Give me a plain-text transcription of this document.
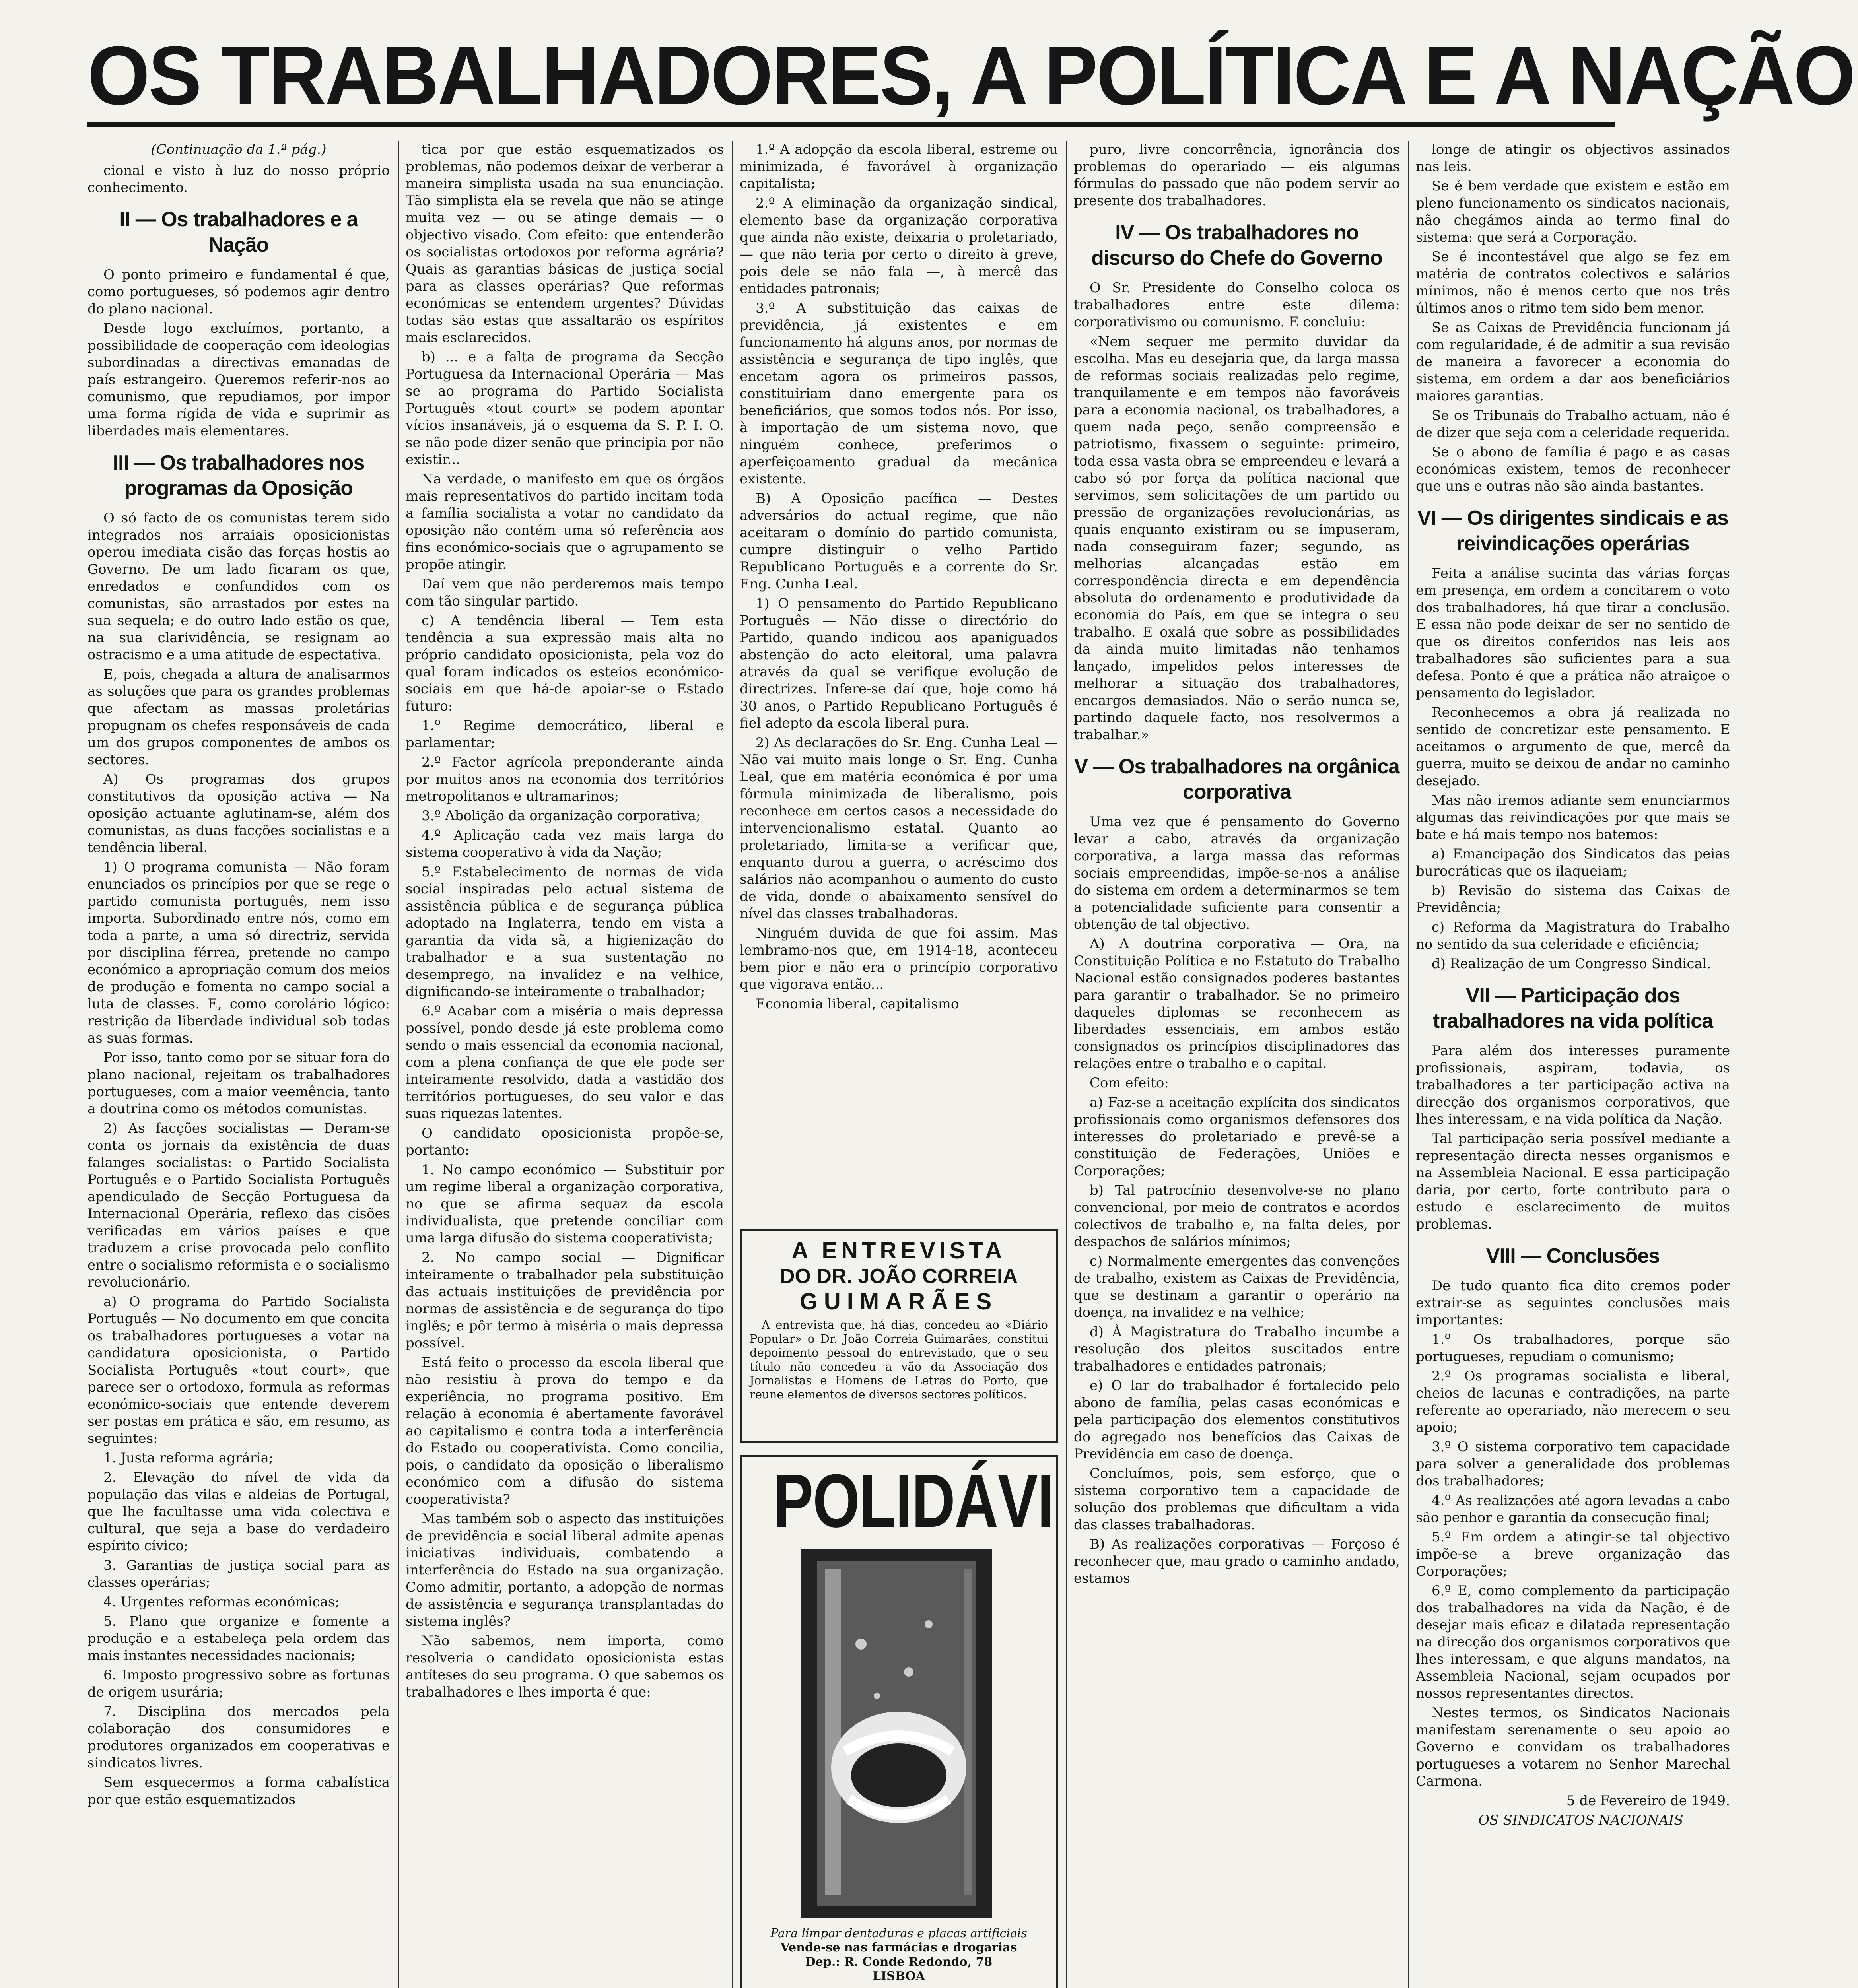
OS TRABALHADORES, A POLÍTICA E A NAÇÃO
(Continuação da 1.ª pág.)

cional e visto à luz do nosso próprio conhecimento.

II — Os trabalhadores e a Nação

O ponto primeiro e fundamental é que, como portugueses, só podemos agir dentro do plano nacional.

Desde logo excluímos, portanto, a possibilidade de cooperação com ideologias subordinadas a directivas emanadas de país estrangeiro. Queremos referir-nos ao comunismo, que repudiamos, por impor uma forma rígida de vida e suprimir as liberdades mais elementares.

III — Os trabalhadores nos programas da Oposição

O só facto de os comunistas terem sido integrados nos arraiais oposicionistas operou imediata cisão das forças hostis ao Governo. De um lado ficaram os que, enredados e confundidos com os comunistas, são arrastados por estes na sua sequela; e do outro lado estão os que, na sua clarividência, se resignam ao ostracismo e a uma atitude de espectativa.

E, pois, chegada a altura de analisarmos as soluções que para os grandes problemas que afectam as massas proletárias propugnam os chefes responsáveis de cada um dos grupos componentes de ambos os sectores.

A) Os programas dos grupos constitutivos da oposição activa — Na oposição actuante aglutinam-se, além dos comunistas, as duas facções socialistas e a tendência liberal.

1) O programa comunista — Não foram enunciados os princípios por que se rege o partido comunista português, nem isso importa. Subordinado entre nós, como em toda a parte, a uma só directriz, servida por disciplina férrea, pretende no campo económico a apropriação comum dos meios de produção e fomenta no campo social a luta de classes. E, como corolário lógico: restrição da liberdade individual sob todas as suas formas.

Por isso, tanto como por se situar fora do plano nacional, rejeitam os trabalhadores portugueses, com a maior veemência, tanto a doutrina como os métodos comunistas.

2) As facções socialistas — Deram-se conta os jornais da existência de duas falanges socialistas: o Partido Socialista Português e o Partido Socialista Português apendiculado de Secção Portuguesa da Internacional Operária, reflexo das cisões verificadas em vários países e que traduzem a crise provocada pelo conflito entre o socialismo reformista e o socialismo revolucionário.

a) O programa do Partido Socialista Português — No documento em que concita os trabalhadores portugueses a votar na candidatura oposicionista, o Partido Socialista Português «tout court», que parece ser o ortodoxo, formula as reformas económico-sociais que entende deverem ser postas em prática e são, em resumo, as seguintes:

1. Justa reforma agrária;

2. Elevação do nível de vida da população das vilas e aldeias de Portugal, que lhe facultasse uma vida colectiva e cultural, que seja a base do verdadeiro espírito cívico;

3. Garantias de justiça social para as classes operárias;

4. Urgentes reformas económicas;

5. Plano que organize e fomente a produção e a estabeleça pela ordem das mais instantes necessidades nacionais;

6. Imposto progressivo sobre as fortunas de origem usurária;

7. Disciplina dos mercados pela colaboração dos consumidores e produtores organizados em cooperativas e sindicatos livres.

Sem esquecermos a forma cabalística por que estão esquematizados

tica por que estão esquematizados os problemas, não podemos deixar de verberar a maneira simplista usada na sua enunciação. Tão simplista ela se revela que não se atinge muita vez — ou se atinge demais — o objectivo visado. Com efeito: que entenderão os socialistas ortodoxos por reforma agrária? Quais as garantias básicas de justiça social para as classes operárias? Que reformas económicas se entendem urgentes? Dúvidas todas são estas que assaltarão os espíritos mais esclarecidos.

b) ... e a falta de programa da Secção Portuguesa da Internacional Operária — Mas se ao programa do Partido Socialista Português «tout court» se podem apontar vícios insanáveis, já o esquema da S. P. I. O. se não pode dizer senão que principia por não existir...

Na verdade, o manifesto em que os órgãos mais representativos do partido incitam toda a família socialista a votar no candidato da oposição não contém uma só referência aos fins económico-sociais que o agrupamento se propõe atingir.

Daí vem que não perderemos mais tempo com tão singular partido.

c) A tendência liberal — Tem esta tendência a sua expressão mais alta no próprio candidato oposicionista, pela voz do qual foram indicados os esteios económico-sociais em que há-de apoiar-se o Estado futuro:

1.º Regime democrático, liberal e parlamentar;

2.º Factor agrícola preponderante ainda por muitos anos na economia dos territórios metropolitanos e ultramarinos;

3.º Abolição da organização corporativa;

4.º Aplicação cada vez mais larga do sistema cooperativo à vida da Nação;

5.º Estabelecimento de normas de vida social inspiradas pelo actual sistema de assistência pública e de segurança pública adoptado na Inglaterra, tendo em vista a garantia da vida sã, a higienização do trabalhador e a sua sustentação no desemprego, na invalidez e na velhice, dignificando-se inteiramente o trabalhador;

6.º Acabar com a miséria o mais depressa possível, pondo desde já este problema como sendo o mais essencial da economia nacional, com a plena confiança de que ele pode ser inteiramente resolvido, dada a vastidão dos territórios portugueses, do seu valor e das suas riquezas latentes.

O candidato oposicionista propõe-se, portanto:

1. No campo económico — Substituir por um regime liberal a organização corporativa, no que se afirma sequaz da escola individualista, que pretende conciliar com uma larga difusão do sistema cooperativista;

2. No campo social — Dignificar inteiramente o trabalhador pela substituição das actuais instituições de previdência por normas de assistência e de segurança do tipo inglês; e pôr termo à miséria o mais depressa possível.

Está feito o processo da escola liberal que não resistiu à prova do tempo e da experiência, no programa positivo. Em relação à economia é abertamente favorável ao capitalismo e contra toda a interferência do Estado ou cooperativista. Como concilia, pois, o candidato da oposição o liberalismo económico com a difusão do sistema cooperativista?

Mas também sob o aspecto das instituições de previdência e social liberal admite apenas iniciativas individuais, combatendo a interferência do Estado na sua organização. Como admitir, portanto, a adopção de normas de assistência e segurança transplantadas do sistema inglês?

Não sabemos, nem importa, como resolveria o candidato oposicionista estas antíteses do seu programa. O que sabemos os trabalhadores e lhes importa é que:

1.º A adopção da escola liberal, estreme ou minimizada, é favorável à organização capitalista;

2.º A eliminação da organização sindical, elemento base da organização corporativa que ainda não existe, deixaria o proletariado, — que não teria por certo o direito à greve, pois dele se não fala —, à mercê das entidades patronais;

3.º A substituição das caixas de previdência, já existentes e em funcionamento há alguns anos, por normas de assistência e segurança de tipo inglês, que encetam agora os primeiros passos, constituiriam dano emergente para os beneficiários, que somos todos nós. Por isso, à importação de um sistema novo, que ninguém conhece, preferimos o aperfeiçoamento gradual da mecânica existente.

B) A Oposição pacífica — Destes adversários do actual regime, que não aceitaram o domínio do partido comunista, cumpre distinguir o velho Partido Republicano Português e a corrente do Sr. Eng. Cunha Leal.

1) O pensamento do Partido Republicano Português — Não disse o directório do Partido, quando indicou aos apaniguados abstenção do acto eleitoral, uma palavra através da qual se verifique evolução de directrizes. Infere-se daí que, hoje como há 30 anos, o Partido Republicano Português é fiel adepto da escola liberal pura.

2) As declarações do Sr. Eng. Cunha Leal — Não vai muito mais longe o Sr. Eng. Cunha Leal, que em matéria económica é por uma fórmula minimizada de liberalismo, pois reconhece em certos casos a necessidade do intervencionalismo estatal. Quanto ao proletariado, limita-se a verificar que, enquanto durou a guerra, o acréscimo dos salários não acompanhou o aumento do custo de vida, donde o abaixamento sensível do nível das classes trabalhadoras.

Ninguém duvida de que foi assim. Mas lembramo-nos que, em 1914-18, aconteceu bem pior e não era o princípio corporativo que vigorava então...

Economia liberal, capitalismo

A ENTREVISTA
DO DR. JOÃO CORREIA
GUIMARÃES

A entrevista que, há dias, concedeu ao «Diário Popular» o Dr. João Correia Guimarães, constitui depoimento pessoal do entrevistado, que o seu título não concedeu a vão da Associação dos Jornalistas e Homens de Letras do Porto, que reune elementos de diversos sectores políticos.

POLIDÁVI
Para limpar dentaduras e placas artificiais
Vende-se nas farmácias e drogarias
Dep.: R. Conde Redondo, 78
LISBOA

puro, livre concorrência, ignorância dos problemas do operariado — eis algumas fórmulas do passado que não podem servir ao presente dos trabalhadores.

IV — Os trabalhadores no discurso do Chefe do Governo

O Sr. Presidente do Conselho coloca os trabalhadores entre este dilema: corporativismo ou comunismo. E concluiu:

«Nem sequer me permito duvidar da escolha. Mas eu desejaria que, da larga massa de reformas sociais realizadas pelo regime, tranquilamente e em tempos não favoráveis para a economia nacional, os trabalhadores, a quem nada peço, senão compreensão e patriotismo, fixassem o seguinte: primeiro, toda essa vasta obra se empreendeu e levará a cabo só por força da política nacional que servimos, sem solicitações de um partido ou pressão de organizações revolucionárias, as quais enquanto existiram ou se impuseram, nada conseguiram fazer; segundo, as melhorias alcançadas estão em correspondência directa e em dependência absoluta do ordenamento e produtividade da economia do País, em que se integra o seu trabalho. E oxalá que sobre as possibilidades da ainda muito limitadas não tenhamos lançado, impelidos pelos interesses de melhorar a situação dos trabalhadores, encargos demasiados. Não o serão nunca se, partindo daquele facto, nos resolvermos a trabalhar.»

V — Os trabalhadores na orgânica corporativa

Uma vez que é pensamento do Governo levar a cabo, através da organização corporativa, a larga massa das reformas sociais empreendidas, impõe-se-nos a análise do sistema em ordem a determinarmos se tem a potencialidade suficiente para consentir a obtenção de tal objectivo.

A) A doutrina corporativa — Ora, na Constituição Política e no Estatuto do Trabalho Nacional estão consignados poderes bastantes para garantir o trabalhador. Se no primeiro daqueles diplomas se reconhecem as liberdades essenciais, em ambos estão consignados os princípios disciplinadores das relações entre o trabalho e o capital.

Com efeito:

a) Faz-se a aceitação explícita dos sindicatos profissionais como organismos defensores dos interesses do proletariado e prevê-se a constituição de Federações, Uniões e Corporações;

b) Tal patrocínio desenvolve-se no plano convencional, por meio de contratos e acordos colectivos de trabalho e, na falta deles, por despachos de salários mínimos;

c) Normalmente emergentes das convenções de trabalho, existem as Caixas de Previdência, que se destinam a garantir o operário na doença, na invalidez e na velhice;

d) À Magistratura do Trabalho incumbe a resolução dos pleitos suscitados entre trabalhadores e entidades patronais;

e) O lar do trabalhador é fortalecido pelo abono de família, pelas casas económicas e pela participação dos elementos constitutivos do agregado nos benefícios das Caixas de Previdência em caso de doença.

Concluímos, pois, sem esforço, que o sistema corporativo tem a capacidade de solução dos problemas que dificultam a vida das classes trabalhadoras.

B) As realizações corporativas — Forçoso é reconhecer que, mau grado o caminho andado, estamos

longe de atingir os objectivos assinados nas leis.

Se é bem verdade que existem e estão em pleno funcionamento os sindicatos nacionais, não chegámos ainda ao termo final do sistema: que será a Corporação.

Se é incontestável que algo se fez em matéria de contratos colectivos e salários mínimos, não é menos certo que nos três últimos anos o ritmo tem sido bem menor.

Se as Caixas de Previdência funcionam já com regularidade, é de admitir a sua revisão de maneira a favorecer a economia do sistema, em ordem a dar aos beneficiários maiores garantias.

Se os Tribunais do Trabalho actuam, não é de dizer que seja com a celeridade requerida.

Se o abono de família é pago e as casas económicas existem, temos de reconhecer que uns e outras não são ainda bastantes.

VI — Os dirigentes sindicais e as reivindicações operárias

Feita a análise sucinta das várias forças em presença, em ordem a concitarem o voto dos trabalhadores, há que tirar a conclusão. E essa não pode deixar de ser no sentido de que os direitos conferidos nas leis aos trabalhadores são suficientes para a sua defesa. Ponto é que a prática não atraiçoe o pensamento do legislador.

Reconhecemos a obra já realizada no sentido de concretizar este pensamento. E aceitamos o argumento de que, mercê da guerra, muito se deixou de andar no caminho desejado.

Mas não iremos adiante sem enunciarmos algumas das reivindicações por que mais se bate e há mais tempo nos batemos:

a) Emancipação dos Sindicatos das peias burocráticas que os ilaqueiam;

b) Revisão do sistema das Caixas de Previdência;

c) Reforma da Magistratura do Trabalho no sentido da sua celeridade e eficiência;

d) Realização de um Congresso Sindical.

VII — Participação dos trabalhadores na vida política

Para além dos interesses puramente profissionais, aspiram, todavia, os trabalhadores a ter participação activa na direcção dos organismos corporativos, que lhes interessam, e na vida política da Nação.

Tal participação seria possível mediante a representação directa nesses organismos e na Assembleia Nacional. E essa participação daria, por certo, forte contributo para o estudo e esclarecimento de muitos problemas.

VIII — Conclusões

De tudo quanto fica dito cremos poder extrair-se as seguintes conclusões mais importantes:

1.º Os trabalhadores, porque são portugueses, repudiam o comunismo;

2.º Os programas socialista e liberal, cheios de lacunas e contradições, na parte referente ao operariado, não merecem o seu apoio;

3.º O sistema corporativo tem capacidade para solver a generalidade dos problemas dos trabalhadores;

4.º As realizações até agora levadas a cabo são penhor e garantia da consecução final;

5.º Em ordem a atingir-se tal objectivo impõe-se a breve organização das Corporações;

6.º E, como complemento da participação dos trabalhadores na vida da Nação, é de desejar mais eficaz e dilatada representação na direcção dos organismos corporativos que lhes interessam, e que alguns mandatos, na Assembleia Nacional, sejam ocupados por nossos representantes directos.

Nestes termos, os Sindicatos Nacionais manifestam serenamente o seu apoio ao Governo e convidam os trabalhadores portugueses a votarem no Senhor Marechal Carmona.

5 de Fevereiro de 1949.

OS SINDICATOS NACIONAIS
